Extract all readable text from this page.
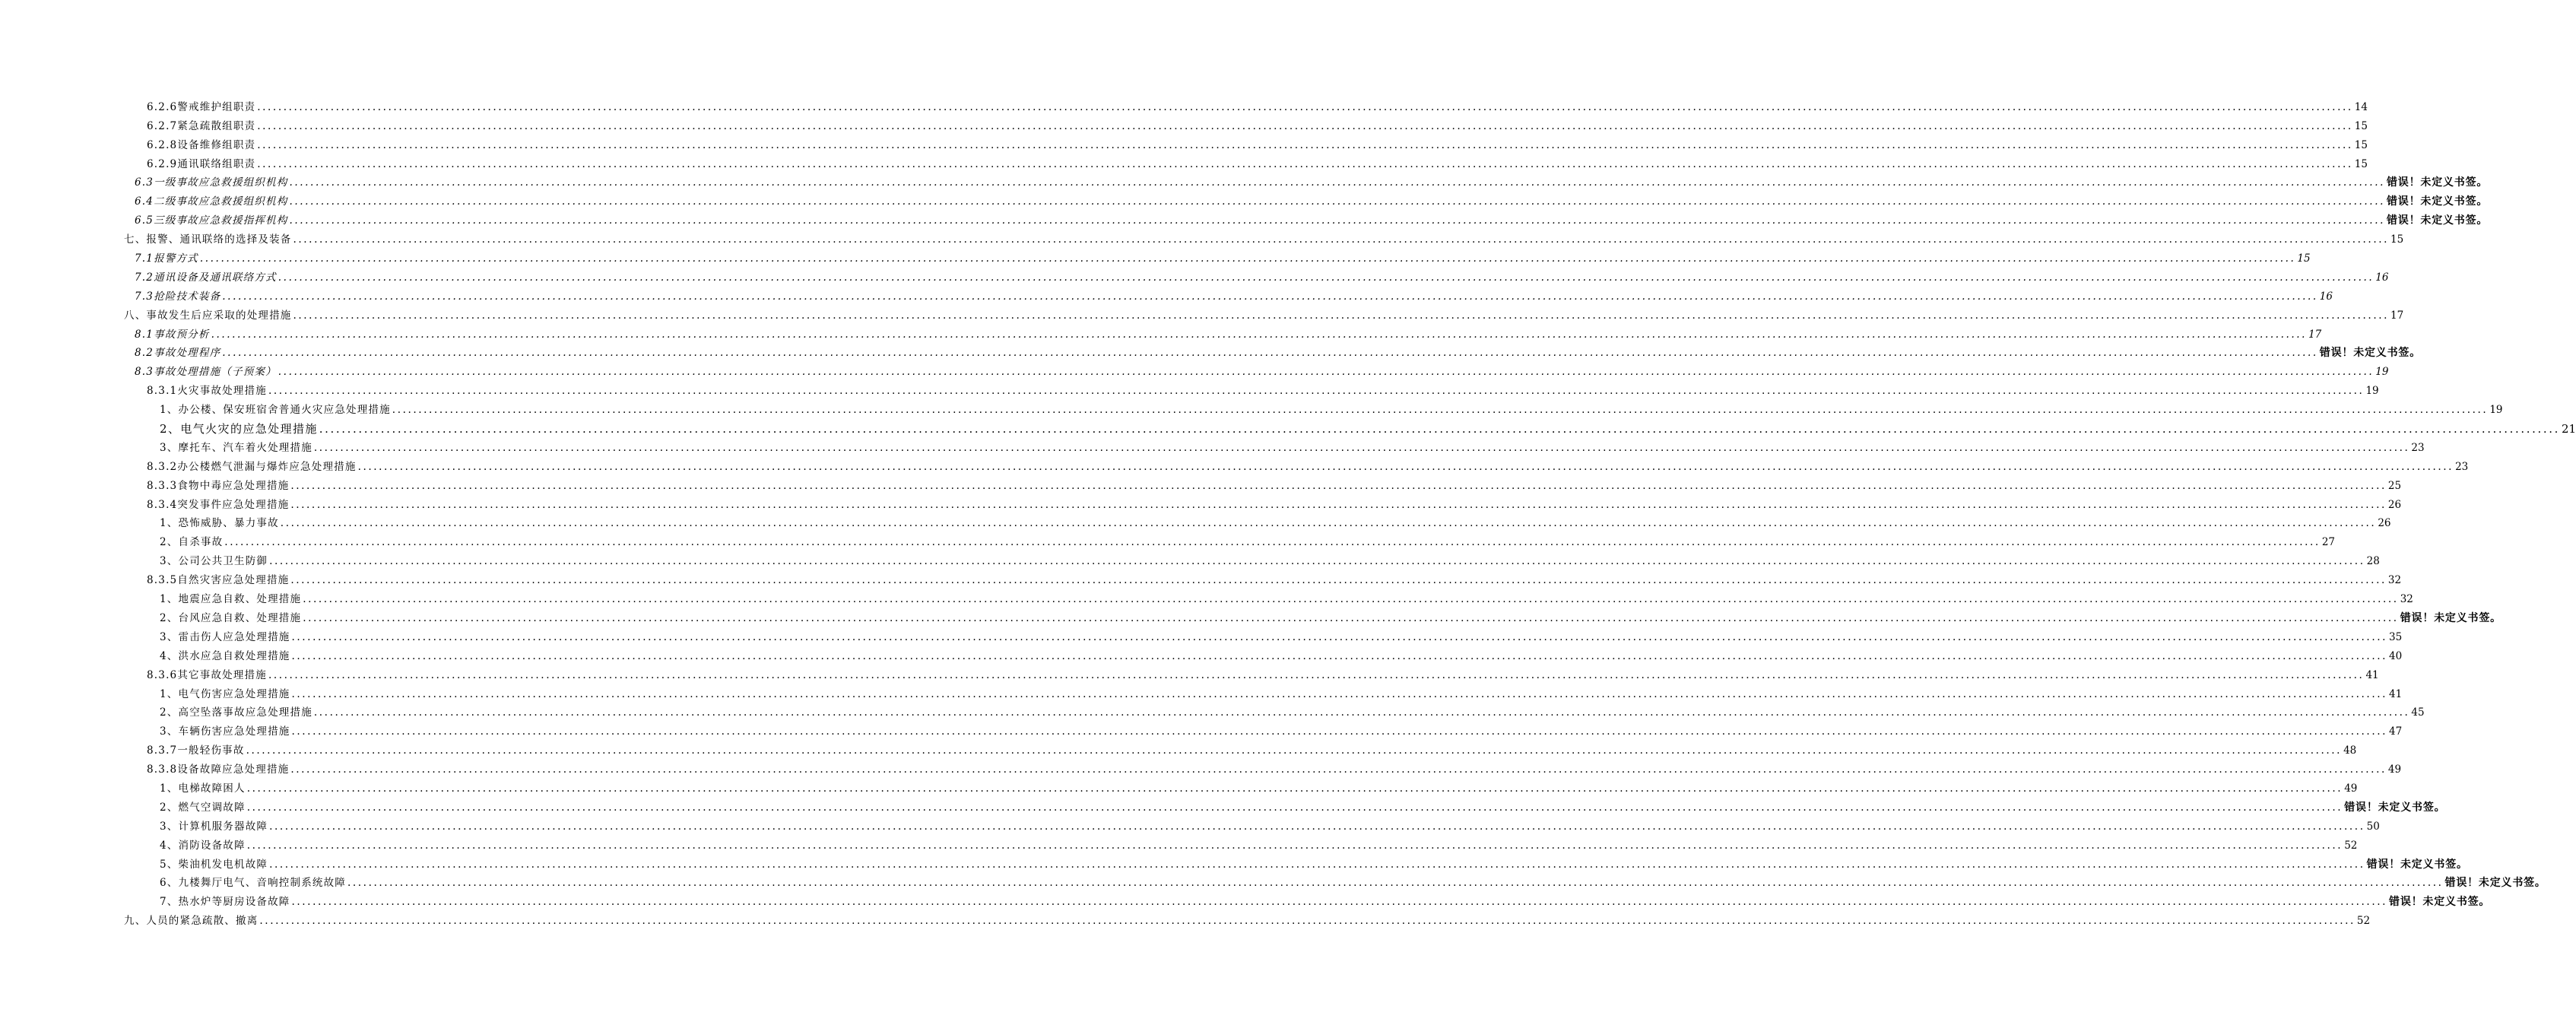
6.2.6警戒维护组职责 ................................................................................................................................................................................................................................................................................................................................................................................................................ 14
6.2.7紧急疏散组职责 ................................................................................................................................................................................................................................................................................................................................................................................................................ 15
6.2.8设备维修组职责 ................................................................................................................................................................................................................................................................................................................................................................................................................ 15
6.2.9通讯联络组职责 ................................................................................................................................................................................................................................................................................................................................................................................................................ 15
6.3一级事故应急救援组织机构 ................................................................................................................................................................................................................................................................................................................................................................................................................ 错误！未定义书签。
6.4二级事故应急救援组织机构 ................................................................................................................................................................................................................................................................................................................................................................................................................ 错误！未定义书签。
6.5三级事故应急救援指挥机构 ................................................................................................................................................................................................................................................................................................................................................................................................................ 错误！未定义书签。
七、报警、通讯联络的选择及装备 ................................................................................................................................................................................................................................................................................................................................................................................................................ 15
7.1报警方式 ................................................................................................................................................................................................................................................................................................................................................................................................................ 15
7.2通讯设备及通讯联络方式 ................................................................................................................................................................................................................................................................................................................................................................................................................ 16
7.3抢险技术装备 ................................................................................................................................................................................................................................................................................................................................................................................................................ 16
八、事故发生后应采取的处理措施 ................................................................................................................................................................................................................................................................................................................................................................................................................ 17
8.1事故预分析 ................................................................................................................................................................................................................................................................................................................................................................................................................ 17
8.2事故处理程序 ................................................................................................................................................................................................................................................................................................................................................................................................................ 错误！未定义书签。
8.3事故处理措施（子预案） ................................................................................................................................................................................................................................................................................................................................................................................................................ 19
8.3.1火灾事故处理措施 ................................................................................................................................................................................................................................................................................................................................................................................................................ 19
1、办公楼、保安班宿舍普通火灾应急处理措施 ................................................................................................................................................................................................................................................................................................................................................................................................................ 19
2、电气火灾的应急处理措施 ................................................................................................................................................................................................................................................................................................................................................................................................................ 21
3、摩托车、汽车着火处理措施 ................................................................................................................................................................................................................................................................................................................................................................................................................ 23
8.3.2办公楼燃气泄漏与爆炸应急处理措施 ................................................................................................................................................................................................................................................................................................................................................................................................................ 23
8.3.3食物中毒应急处理措施 ................................................................................................................................................................................................................................................................................................................................................................................................................ 25
8.3.4突发事件应急处理措施 ................................................................................................................................................................................................................................................................................................................................................................................................................ 26
1、恐怖威胁、暴力事故 ................................................................................................................................................................................................................................................................................................................................................................................................................ 26
2、自杀事故 ................................................................................................................................................................................................................................................................................................................................................................................................................ 27
3、公司公共卫生防御 ................................................................................................................................................................................................................................................................................................................................................................................................................ 28
8.3.5自然灾害应急处理措施 ................................................................................................................................................................................................................................................................................................................................................................................................................ 32
1、地震应急自救、处理措施 ................................................................................................................................................................................................................................................................................................................................................................................................................ 32
2、台风应急自救、处理措施 ................................................................................................................................................................................................................................................................................................................................................................................................................ 错误！未定义书签。
3、雷击伤人应急处理措施 ................................................................................................................................................................................................................................................................................................................................................................................................................ 35
4、洪水应急自救处理措施 ................................................................................................................................................................................................................................................................................................................................................................................................................ 40
8.3.6其它事故处理措施 ................................................................................................................................................................................................................................................................................................................................................................................................................ 41
1、电气伤害应急处理措施 ................................................................................................................................................................................................................................................................................................................................................................................................................ 41
2、高空坠落事故应急处理措施 ................................................................................................................................................................................................................................................................................................................................................................................................................ 45
3、车辆伤害应急处理措施 ................................................................................................................................................................................................................................................................................................................................................................................................................ 47
8.3.7一般轻伤事故 ................................................................................................................................................................................................................................................................................................................................................................................................................ 48
8.3.8设备故障应急处理措施 ................................................................................................................................................................................................................................................................................................................................................................................................................ 49
1、电梯故障困人 ................................................................................................................................................................................................................................................................................................................................................................................................................ 49
2、燃气空调故障 ................................................................................................................................................................................................................................................................................................................................................................................................................ 错误！未定义书签。
3、计算机服务器故障 ................................................................................................................................................................................................................................................................................................................................................................................................................ 50
4、消防设备故障 ................................................................................................................................................................................................................................................................................................................................................................................................................ 52
5、柴油机发电机故障 ................................................................................................................................................................................................................................................................................................................................................................................................................ 错误！未定义书签。
6、九楼舞厅电气、音响控制系统故障 ................................................................................................................................................................................................................................................................................................................................................................................................................ 错误！未定义书签。
7、热水炉等厨房设备故障 ................................................................................................................................................................................................................................................................................................................................................................................................................ 错误！未定义书签。
九、人员的紧急疏散、撤离 ................................................................................................................................................................................................................................................................................................................................................................................................................ 52
